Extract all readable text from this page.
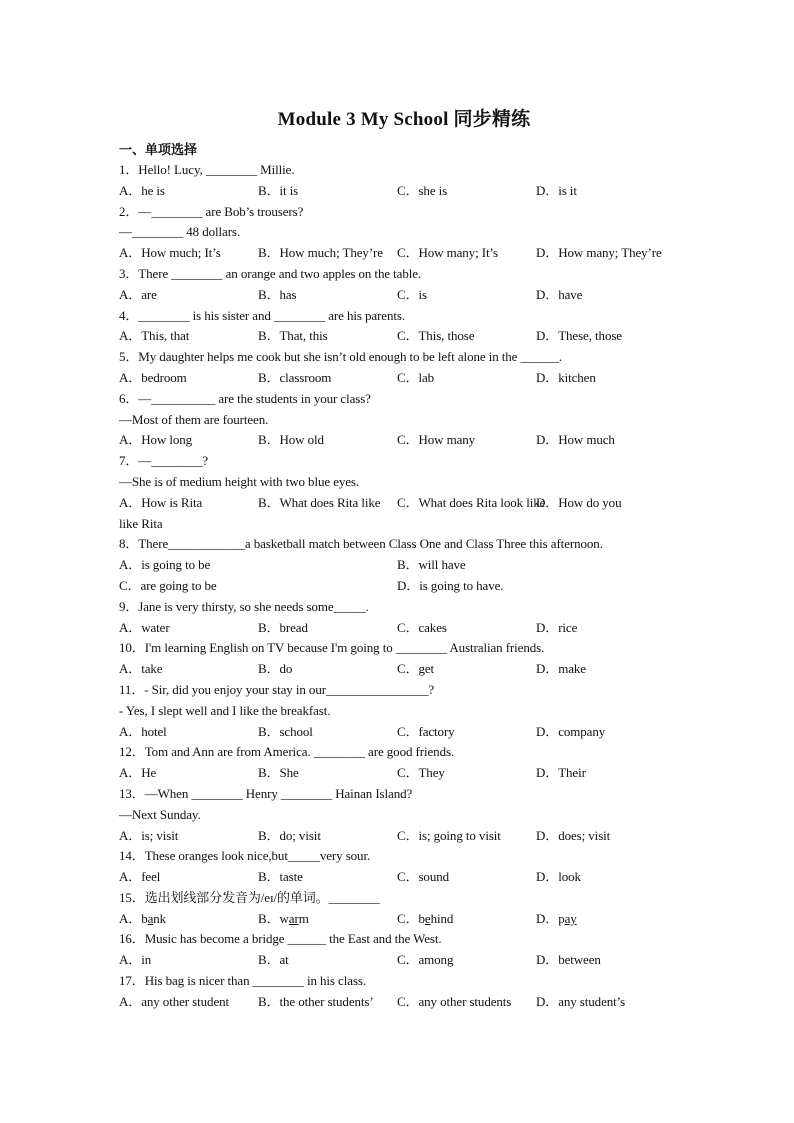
Module 3 My School 同步精练
一、单项选择
1．Hello! Lucy, ________ Millie.
A．he is	B．it is	C．she is	D．is it
2．—________ are Bob’s trousers?
—________ 48 dollars.
A．How much; It’s	B．How much; They’re	C．How many; It’s	D．How many; They’re
3．There ________ an orange and two apples on the table.
A．are	B．has	C．is	D．have
4．________ is his sister and ________ are his parents.
A．This, that	B．That, this	C．This, those	D．These, those
5．My daughter helps me cook but she isn’t old enough to be left alone in the ______.
A．bedroom	B．classroom	C．lab	D．kitchen
6．—__________ are the students in your class?
—Most of them are fourteen.
A．How long	B．How old	C．How many	D．How much
7．—________?
—She is of medium height with two blue eyes.
A．How is Rita	B．What does Rita like	C．What does Rita look like
D．How do you
like Rita
8．There____________a basketball match between Class One and Class Three this afternoon.
A．is going to be	B．will have
C．are going to be	D．is going to have.
9．Jane is very thirsty, so she needs some_____.
A．water	B．bread	C．cakes	D．rice
10．I'm learning English on TV because I'm going to ________ Australian friends.
A．take	B．do	C．get	D．make
11．- Sir, did you enjoy your stay in our________________?
- Yes, I slept well and I like the breakfast.
A．hotel	B．school	C．factory	D．company
12．Tom and Ann are from America. ________ are good friends.
A．He	B．She	C．They	D．Their
13．—When ________ Henry ________ Hainan Island?
—Next Sunday.
A．is; visit	B．do; visit	C．is; going to visit	D．does; visit
14．These oranges look nice,but_____very sour.
A．feel	B．taste	C．sound	D．look
15．选出划线部分发音为/eɪ/的单词。________
A．bank	B．warm	C．behind	D．pay
16．Music has become a bridge ______ the East and the West.
A．in	B．at	C．among	D．between
17．His bag is nicer than ________ in his class.
A．any other student	B．the other students’	C．any other students	D．any student’s
